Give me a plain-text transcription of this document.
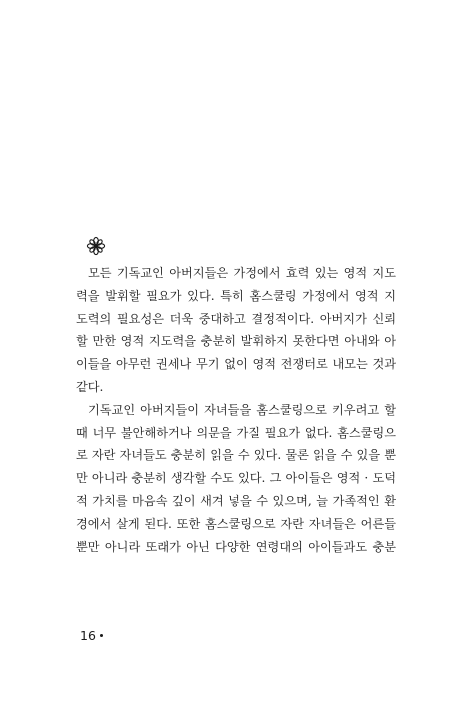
모든 기독교인 아버지들은 가정에서 효력 있는 영적 지도
력을 발휘할 필요가 있다. 특히 홈스쿨링 가정에서 영적 지
도력의 필요성은 더욱 중대하고 결정적이다. 아버지가 신뢰
할 만한 영적 지도력을 충분히 발휘하지 못한다면 아내와 아
이들을 아무런 권세나 무기 없이 영적 전쟁터로 내모는 것과
같다.
기독교인 아버지들이 자녀들을 홈스쿨링으로 키우려고 할
때 너무 불안해하거나 의문을 가질 필요가 없다. 홈스쿨링으
로 자란 자녀들도 충분히 읽을 수 있다. 물론 읽을 수 있을 뿐
만 아니라 충분히 생각할 수도 있다. 그 아이들은 영적 · 도덕
적 가치를 마음속 깊이 새겨 넣을 수 있으며, 늘 가족적인 환
경에서 살게 된다. 또한 홈스쿨링으로 자란 자녀들은 어른들
뿐만 아니라 또래가 아닌 다양한 연령대의 아이들과도 충분
16
